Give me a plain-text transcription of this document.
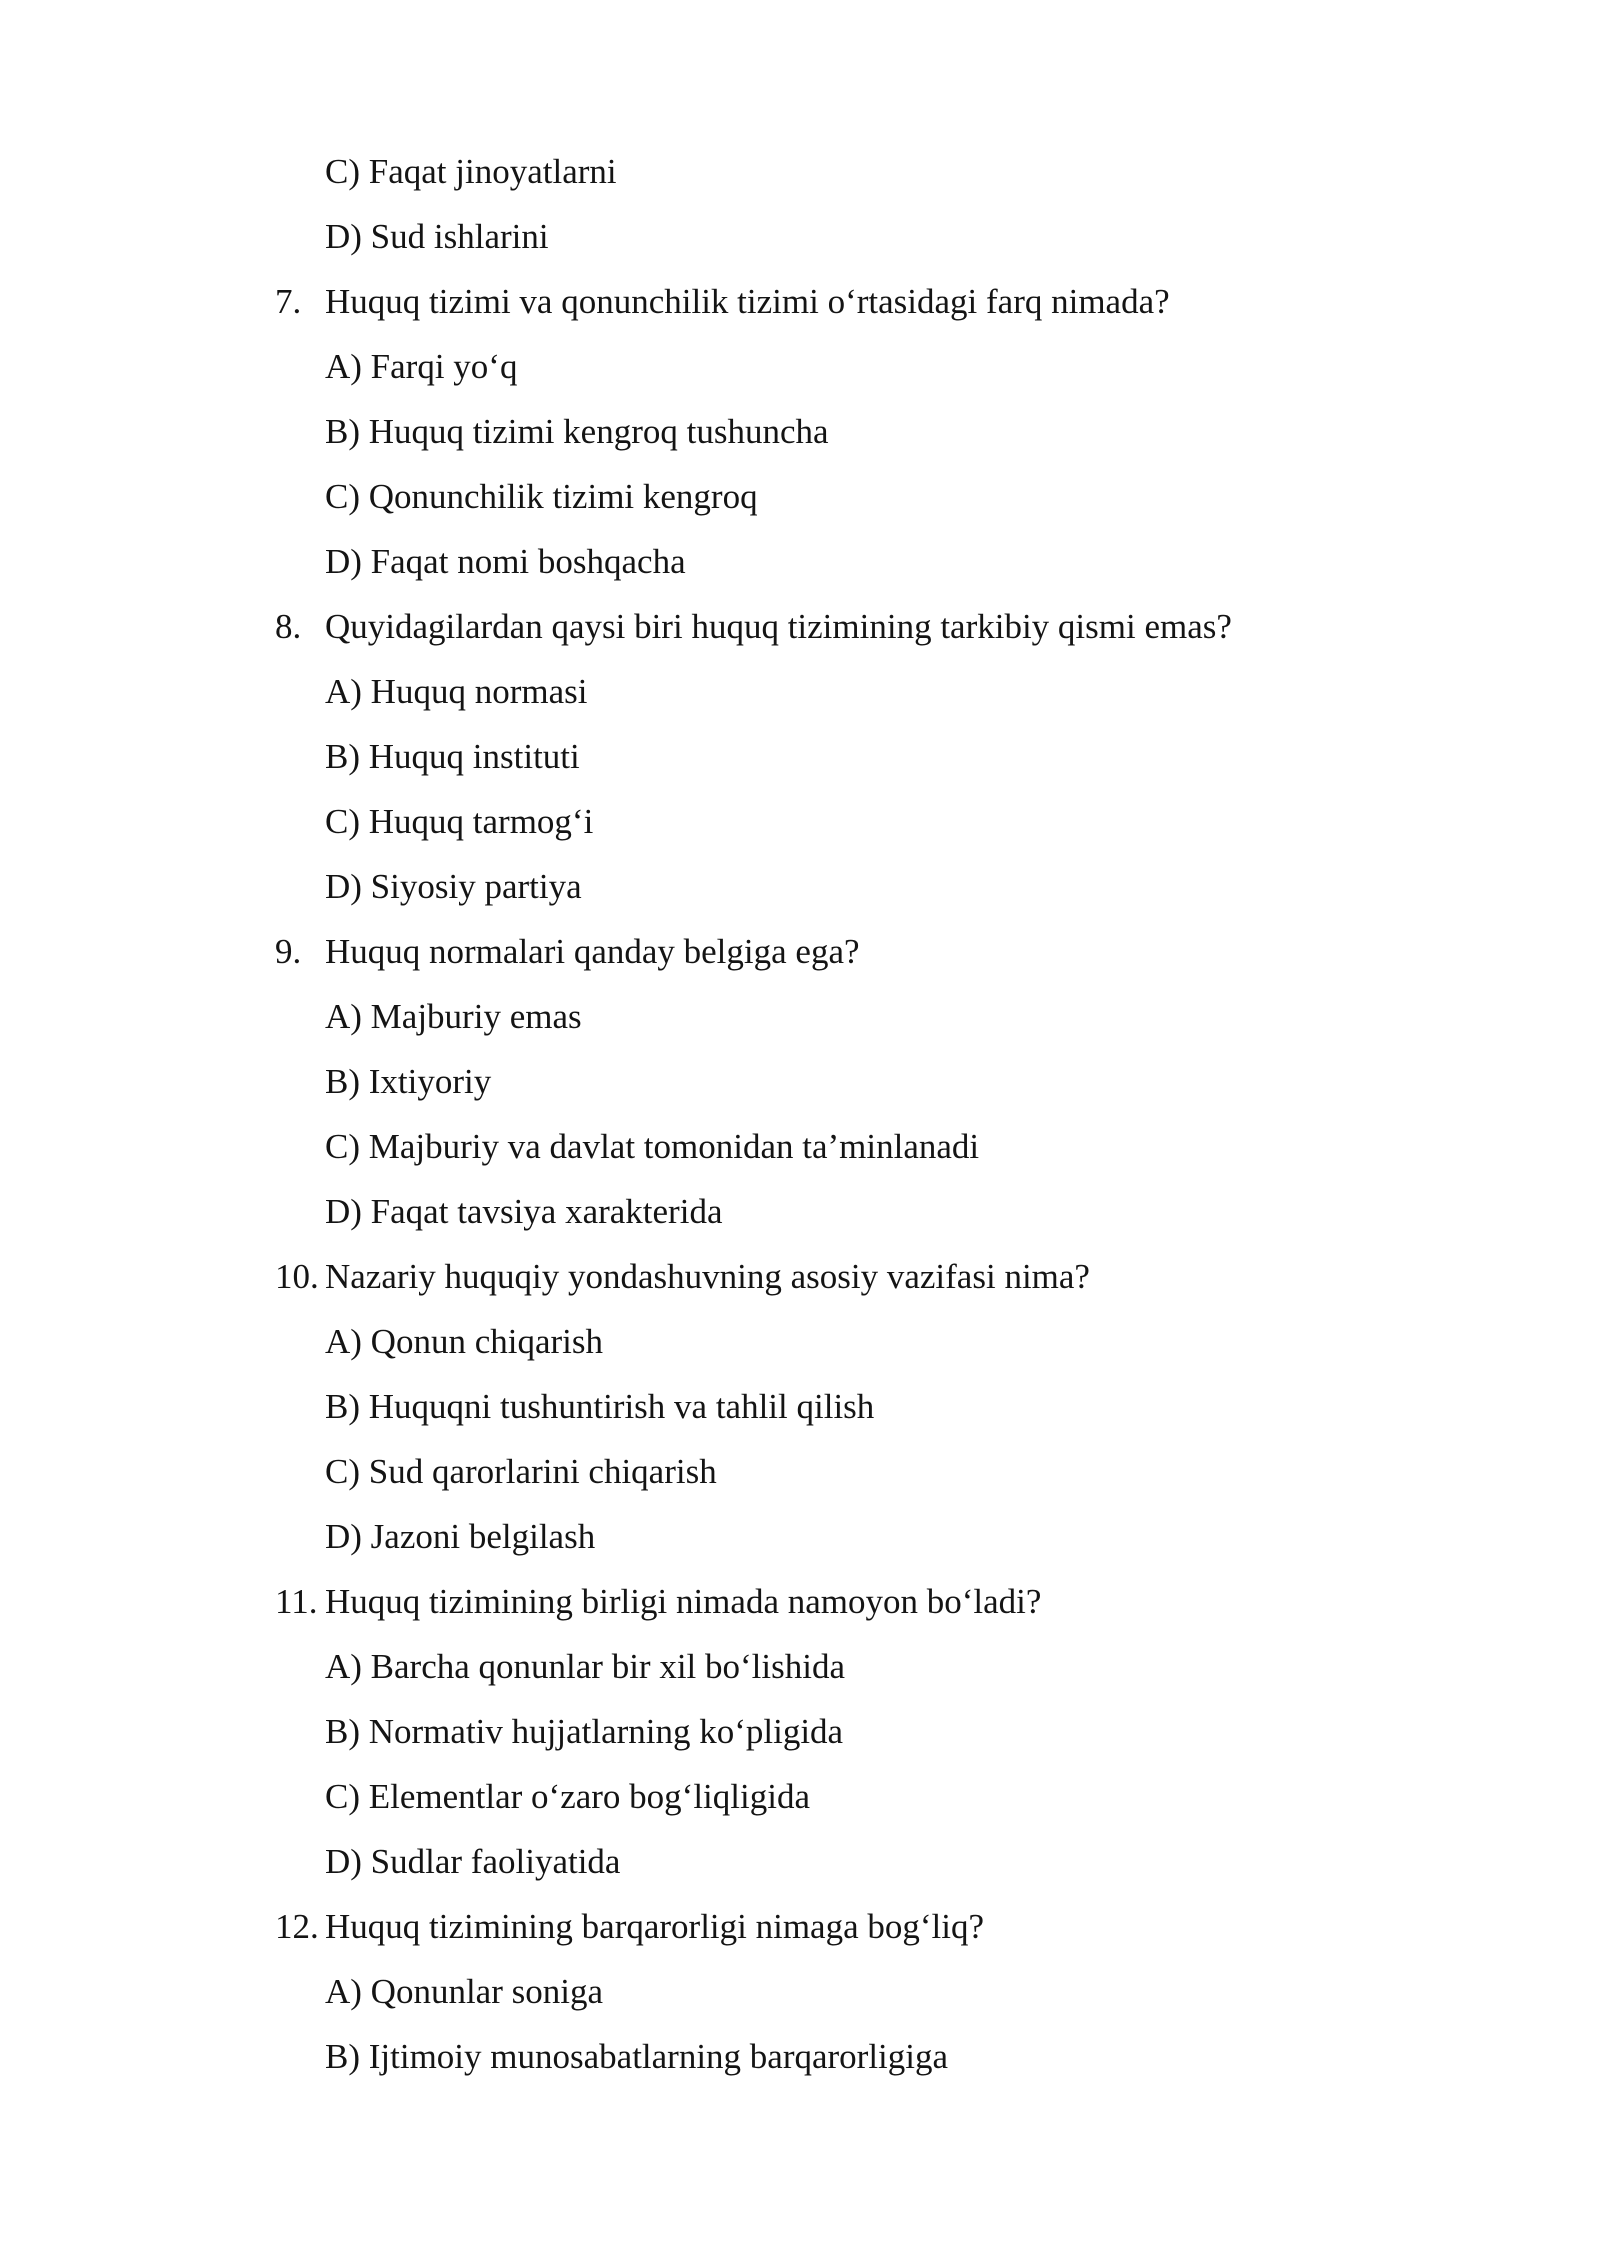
C) Faqat jinoyatlarni
D) Sud ishlarini
7. Huquq tizimi va qonunchilik tizimi o‘rtasidagi farq nimada?
A) Farqi yo‘q
B) Huquq tizimi kengroq tushuncha
C) Qonunchilik tizimi kengroq
D) Faqat nomi boshqacha
8. Quyidagilardan qaysi biri huquq tizimining tarkibiy qismi emas?
A) Huquq normasi
B) Huquq instituti
C) Huquq tarmog‘i
D) Siyosiy partiya
9. Huquq normalari qanday belgiga ega?
A) Majburiy emas
B) Ixtiyoriy
C) Majburiy va davlat tomonidan ta’minlanadi
D) Faqat tavsiya xarakterida
10. Nazariy huquqiy yondashuvning asosiy vazifasi nima?
A) Qonun chiqarish
B) Huquqni tushuntirish va tahlil qilish
C) Sud qarorlarini chiqarish
D) Jazoni belgilash
11. Huquq tizimining birligi nimada namoyon bo‘ladi?
A) Barcha qonunlar bir xil bo‘lishida
B) Normativ hujjatlarning ko‘pligida
C) Elementlar o‘zaro bog‘liqligida
D) Sudlar faoliyatida
12. Huquq tizimining barqarorligi nimaga bog‘liq?
A) Qonunlar soniga
B) Ijtimoiy munosabatlarning barqarorligiga
